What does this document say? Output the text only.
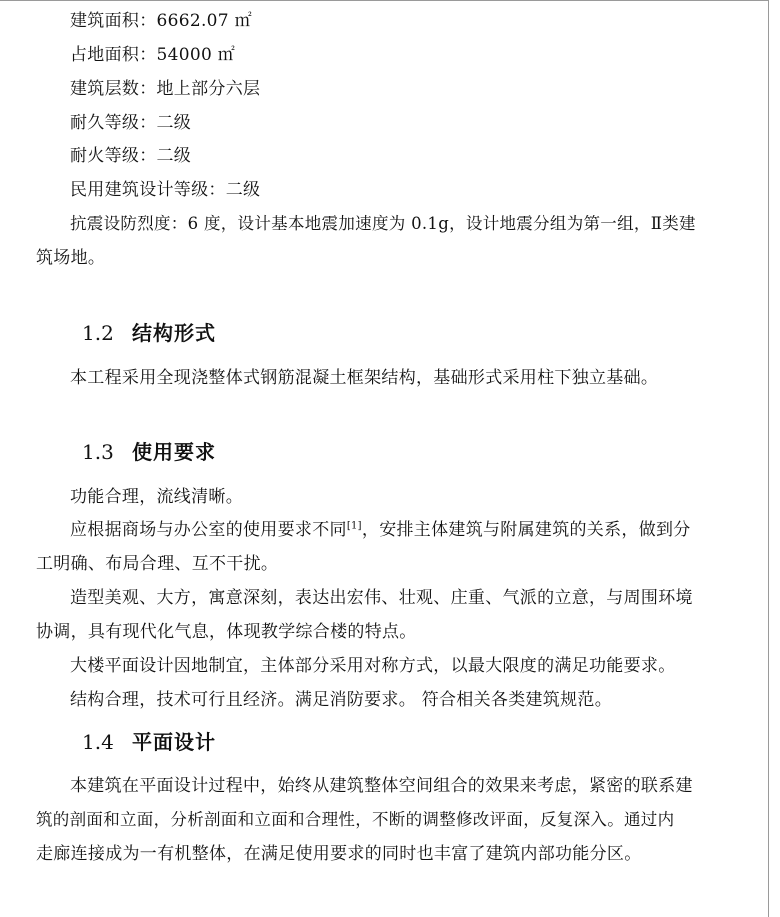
建筑面积：6662.07 ㎡
占地面积：54000 ㎡
建筑层数：地上部分六层
耐久等级：二级
耐火等级：二级
民用建筑设计等级：二级
抗震设防烈度：6 度，设计基本地震加速度为 0.1g，设计地震分组为第一组，Ⅱ类建
筑场地。
1.2 结构形式
本工程采用全现浇整体式钢筋混凝土框架结构，基础形式采用柱下独立基础。
1.3 使用要求
功能合理，流线清晰。
应根据商场与办公室的使用要求不同[1]，安排主体建筑与附属建筑的关系，做到分
工明确、布局合理、互不干扰。
造型美观、大方，寓意深刻，表达出宏伟、壮观、庄重、气派的立意，与周围环境
协调，具有现代化气息，体现教学综合楼的特点。
大楼平面设计因地制宜，主体部分采用对称方式，以最大限度的满足功能要求。
结构合理，技术可行且经济。满足消防要求。 符合相关各类建筑规范。
1.4 平面设计
本建筑在平面设计过程中，始终从建筑整体空间组合的效果来考虑，紧密的联系建
筑的剖面和立面，分析剖面和立面和合理性，不断的调整修改评面，反复深入。通过内
走廊连接成为一有机整体，在满足使用要求的同时也丰富了建筑内部功能分区。
